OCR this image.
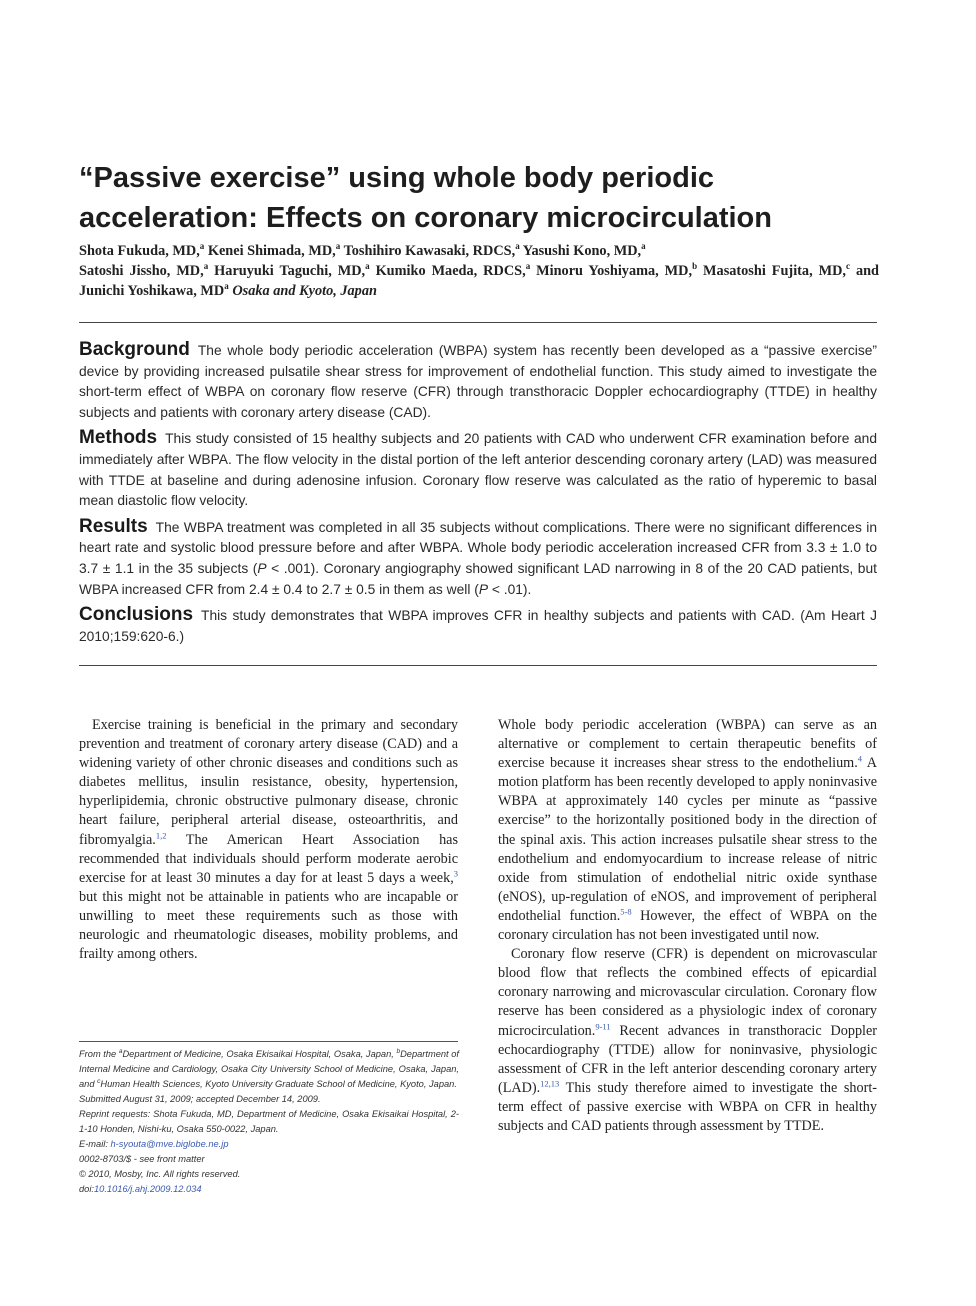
“Passive exercise” using whole body periodic acceleration: Effects on coronary microcirculation
Shota Fukuda, MD,$^a$ Kenei Shimada, MD,$^a$ Toshihiro Kawasaki, RDCS,$^a$ Yasushi Kono, MD,$^a$
Satoshi Jissho, MD,$^a$ Haruyuki Taguchi, MD,$^a$ Kumiko Maeda, RDCS,$^a$ Minoru Yoshiyama, MD,$^b$ Masatoshi Fujita, MD,$^c$ and Junichi Yoshikawa, $MD^a$ Osaka and Kyoto, Japan

Background The whole body periodic acceleration (WBPA) system has recently been developed as a “passive exercise” device by providing increased pulsatile shear stress for improvement of endothelial function. This study aimed to investigate the short-term effect of WBPA on coronary flow reserve (CFR) through transthoracic Doppler echocardiography (TTDE) in healthy subjects and patients with coronary artery disease (CAD).

Methods This study consisted of 15 healthy subjects and 20 patients with CAD who underwent CFR examination before and immediately after WBPA. The flow velocity in the distal portion of the left anterior descending coronary artery (LAD) was measured with TTDE at baseline and during adenosine infusion. Coronary flow reserve was calculated as the ratio of hyperemic to basal mean diastolic flow velocity.

Results The WBPA treatment was completed in all 35 subjects without complications. There were no significant differences in heart rate and systolic blood pressure before and after WBPA. Whole body periodic acceleration increased CFR from 3.3 ± 1.0 to 3.7 ± 1.1 in the 35 subjects (P < .001). Coronary angiography showed significant LAD narrowing in 8 of the 20 CAD patients, but WBPA increased CFR from 2.4 ± 0.4 to 2.7 ± 0.5 in them as well (P < .01).

Conclusions This study demonstrates that WBPA improves CFR in healthy subjects and patients with CAD. (Am Heart J 2010;159:620-6.)

Exercise training is beneficial in the primary and secondary prevention and treatment of coronary artery disease (CAD) and a widening variety of other chronic diseases and conditions such as diabetes mellitus, insulin resistance, obesity, hypertension, hyperlipidemia, chronic obstructive pulmonary disease, chronic heart failure, peripheral arterial disease, osteoarthritis, and fibromyalgia.$^{1,2}$ The American Heart Association has recommended that individuals should perform moderate aerobic exercise for at least 30 minutes a day for at least 5 days a week,$^3$ but this might not be attainable in patients who are incapable or unwilling to meet these requirements such as those with neurologic and rheumatologic diseases, mobility problems, and frailty among others.

Whole body periodic acceleration (WBPA) can serve as an alternative or complement to certain therapeutic benefits of exercise because it increases shear stress to the endothelium.$^4$ A motion platform has been recently developed to apply noninvasive WBPA at approximately 140 cycles per minute as “passive exercise” to the horizontally positioned body in the direction of the spinal axis. This action increases pulsatile shear stress to the endothelium and endomyocardium to increase release of nitric oxide from stimulation of endothelial nitric oxide synthase (eNOS), up-regulation of eNOS, and improvement of peripheral endothelial function.$^{5-8}$ However, the effect of WBPA on the coronary circulation has not been investigated until now.

Coronary flow reserve (CFR) is dependent on microvascular blood flow that reflects the combined effects of epicardial coronary narrowing and microvascular circulation. Coronary flow reserve has been considered as a physiologic index of coronary microcirculation.$^{9-11}$ Recent advances in transthoracic Doppler echocardiography (TTDE) allow for noninvasive, physiologic assessment of CFR in the left anterior descending coronary artery (LAD).$^{12,13}$ This study therefore aimed to investigate the short-term effect of passive exercise with WBPA on CFR in healthy subjects and CAD patients through assessment by TTDE.

From the $^a$Department of Medicine, Osaka Ekisaikai Hospital, Osaka, Japan, $^b$Department of Internal Medicine and Cardiology, Osaka City University School of Medicine, Osaka, Japan, and $^c$Human Health Sciences, Kyoto University Graduate School of Medicine, Kyoto, Japan.
Submitted August 31, 2009; accepted December 14, 2009.
Reprint requests: Shota Fukuda, MD, Department of Medicine, Osaka Ekisaikai Hospital, 2-1-10 Honden, Nishi-ku, Osaka 550-0022, Japan.
E-mail: h-syouta@mve.biglobe.ne.jp
0002-8703/$ - see front matter
© 2010, Mosby, Inc. All rights reserved.
doi:10.1016/j.ahj.2009.12.034
